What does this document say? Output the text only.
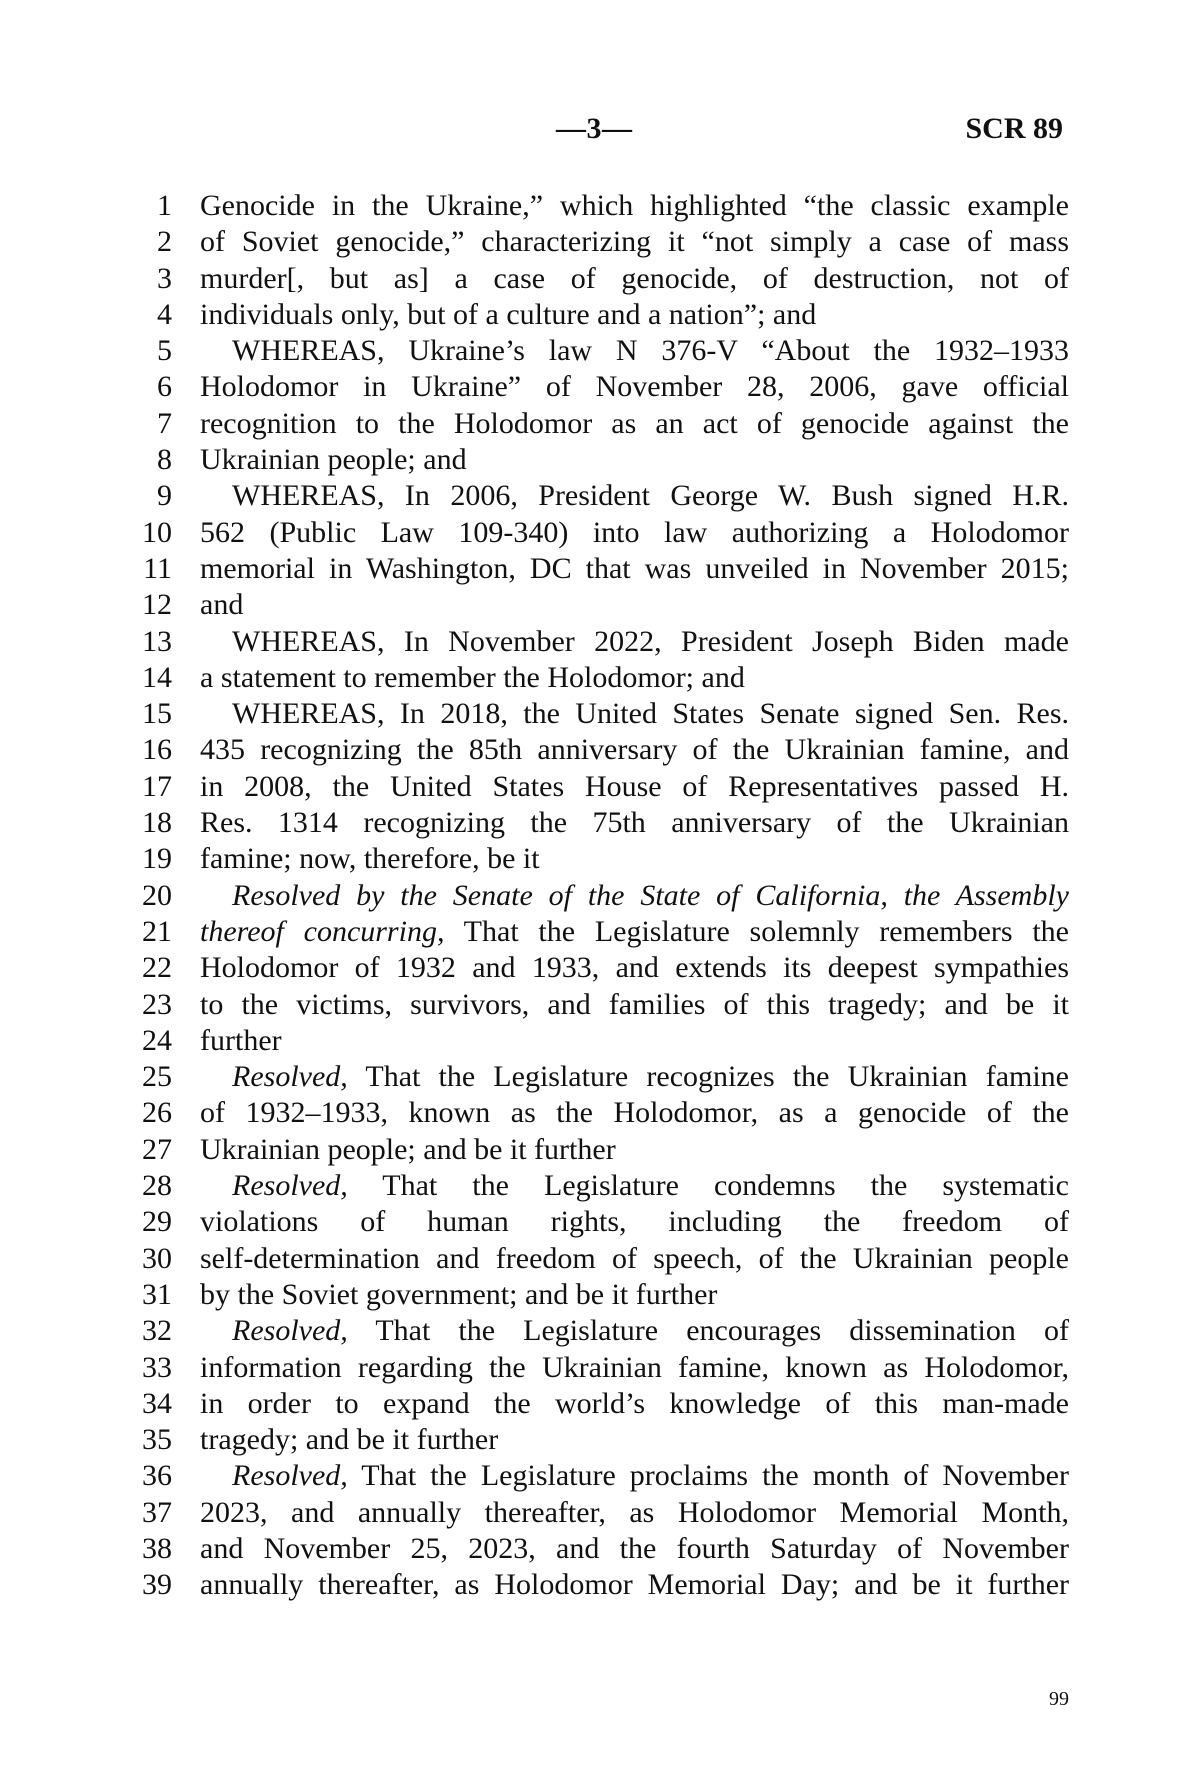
—3—	SCR 89
1 Genocide in the Ukraine,” which highlighted “the classic example
2 of Soviet genocide,” characterizing it “not simply a case of mass
3 murder[, but as] a case of genocide, of destruction, not of
4 individuals only, but of a culture and a nation”; and
5	WHEREAS, Ukraine’s law N 376-V “About the 1932–1933
6 Holodomor in Ukraine” of November 28, 2006, gave official
7 recognition to the Holodomor as an act of genocide against the
8 Ukrainian people; and
9	WHEREAS, In 2006, President George W. Bush signed H.R.
10 562 (Public Law 109-340) into law authorizing a Holodomor
11 memorial in Washington, DC that was unveiled in November 2015;
12 and
13	WHEREAS, In November 2022, President Joseph Biden made
14 a statement to remember the Holodomor; and
15	WHEREAS, In 2018, the United States Senate signed Sen. Res.
16 435 recognizing the 85th anniversary of the Ukrainian famine, and
17 in 2008, the United States House of Representatives passed H.
18 Res. 1314 recognizing the 75th anniversary of the Ukrainian
19 famine; now, therefore, be it
20	Resolved by the Senate of the State of California, the Assembly
21 thereof concurring, That the Legislature solemnly remembers the
22 Holodomor of 1932 and 1933, and extends its deepest sympathies
23 to the victims, survivors, and families of this tragedy; and be it
24 further
25	Resolved, That the Legislature recognizes the Ukrainian famine
26 of 1932–1933, known as the Holodomor, as a genocide of the
27 Ukrainian people; and be it further
28	Resolved, That the Legislature condemns the systematic
29 violations of human rights, including the freedom of
30 self-determination and freedom of speech, of the Ukrainian people
31 by the Soviet government; and be it further
32	Resolved, That the Legislature encourages dissemination of
33 information regarding the Ukrainian famine, known as Holodomor,
34 in order to expand the world’s knowledge of this man-made
35 tragedy; and be it further
36	Resolved, That the Legislature proclaims the month of November
37 2023, and annually thereafter, as Holodomor Memorial Month,
38 and November 25, 2023, and the fourth Saturday of November
39 annually thereafter, as Holodomor Memorial Day; and be it further
99
